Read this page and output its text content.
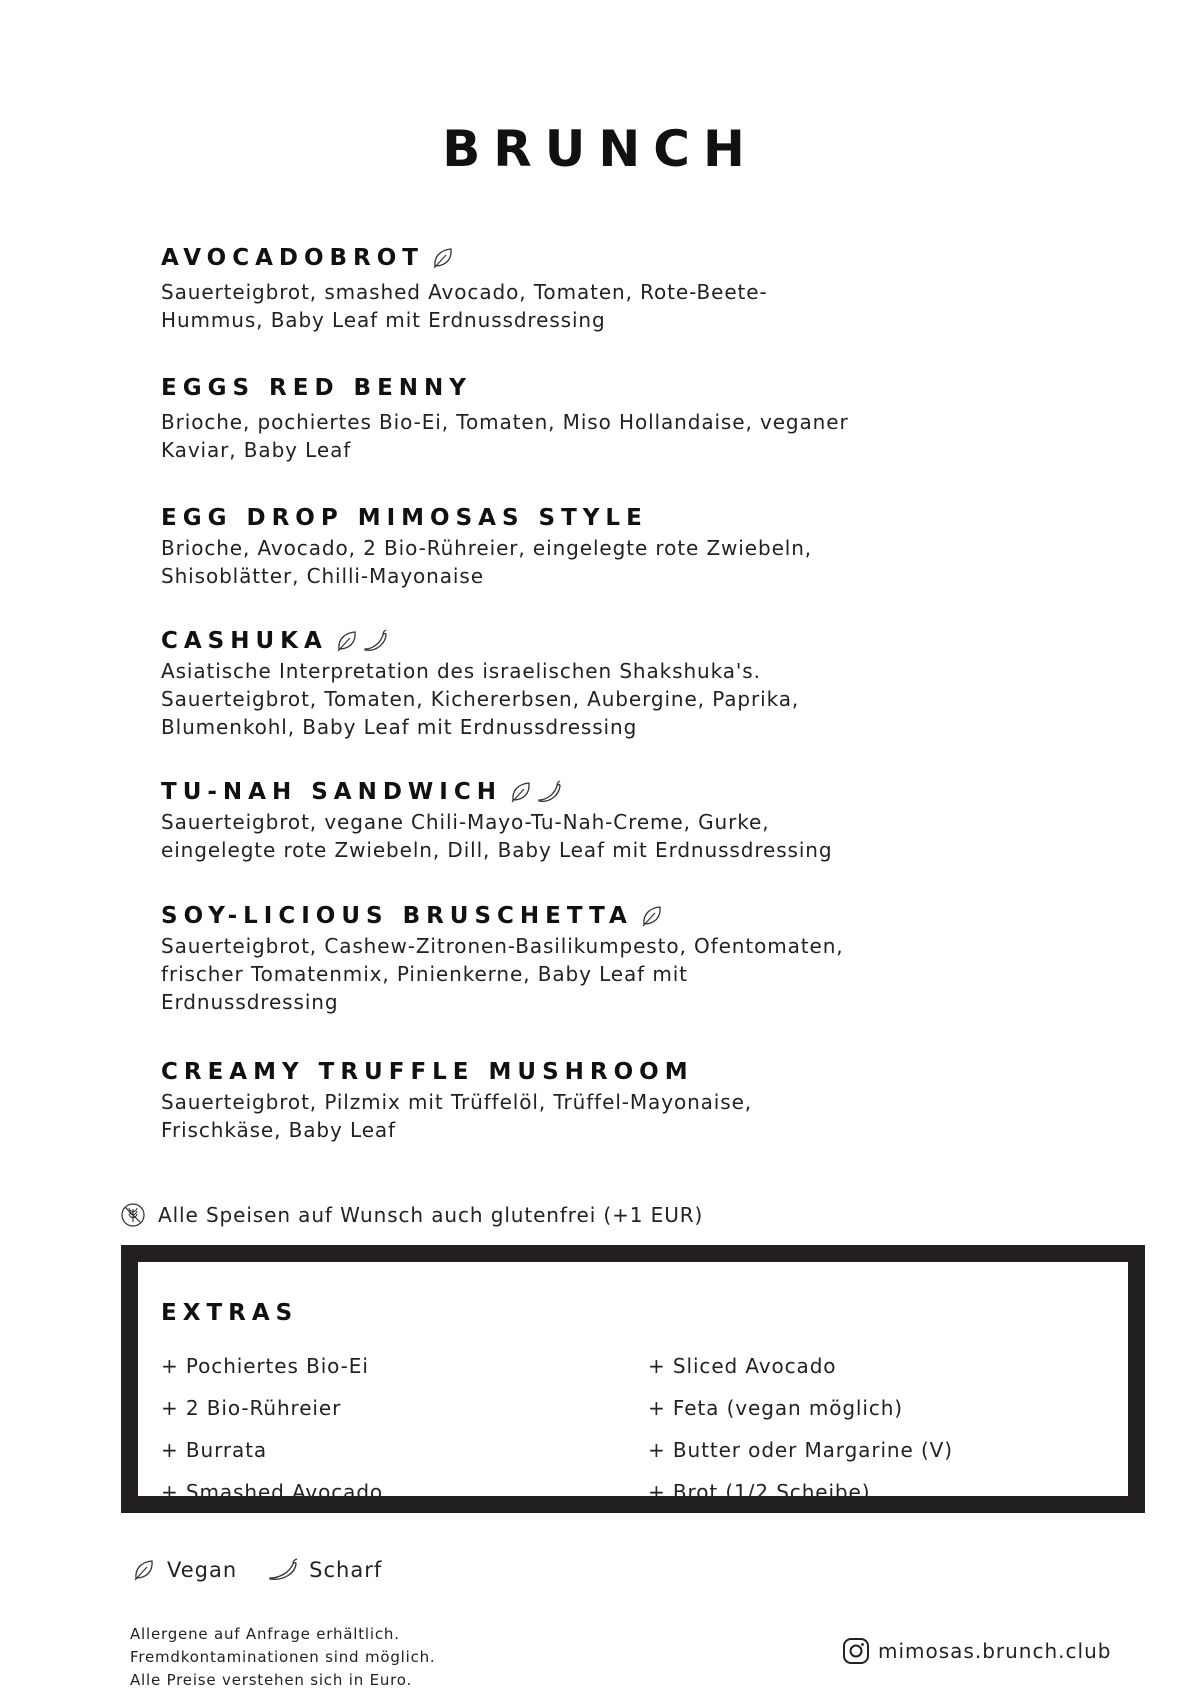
BRUNCH
AVOCADOBROT
Sauerteigbrot, smashed Avocado, Tomaten, Rote-Beete-Hummus, Baby Leaf mit Erdnussdressing
EGGS RED BENNY
Brioche, pochiertes Bio-Ei, Tomaten, Miso Hollandaise, veganer Kaviar, Baby Leaf
EGG DROP MIMOSAS STYLE
Brioche, Avocado, 2 Bio-Rühreier, eingelegte rote Zwiebeln, Shisoblätter, Chilli-Mayonaise
CASHUKA
Asiatische Interpretation des israelischen Shakshuka's. Sauerteigbrot, Tomaten, Kichererbsen, Aubergine, Paprika, Blumenkohl, Baby Leaf mit Erdnussdressing
TU-NAH SANDWICH
Sauerteigbrot, vegane Chili-Mayo-Tu-Nah-Creme, Gurke, eingelegte rote Zwiebeln, Dill, Baby Leaf mit Erdnussdressing
SOY-LICIOUS BRUSCHETTA
Sauerteigbrot, Cashew-Zitronen-Basilikumpesto, Ofentomaten, frischer Tomatenmix, Pinienkerne, Baby Leaf mit Erdnussdressing
CREAMY TRUFFLE MUSHROOM
Sauerteigbrot, Pilzmix mit Trüffelöl, Trüffel-Mayonaise, Frischkäse, Baby Leaf
Alle Speisen auf Wunsch auch glutenfrei (+1 EUR)
EXTRAS
+ Pochiertes Bio-Ei
+ 2 Bio-Rühreier
+ Burrata
+ Smashed Avocado
+ Sliced Avocado
+ Feta (vegan möglich)
+ Butter oder Margarine (V)
+ Brot (1/2 Scheibe)
Vegan	Scharf
Allergene auf Anfrage erhältlich.
Fremdkontaminationen sind möglich.
Alle Preise verstehen sich in Euro.
mimosas.brunch.club
